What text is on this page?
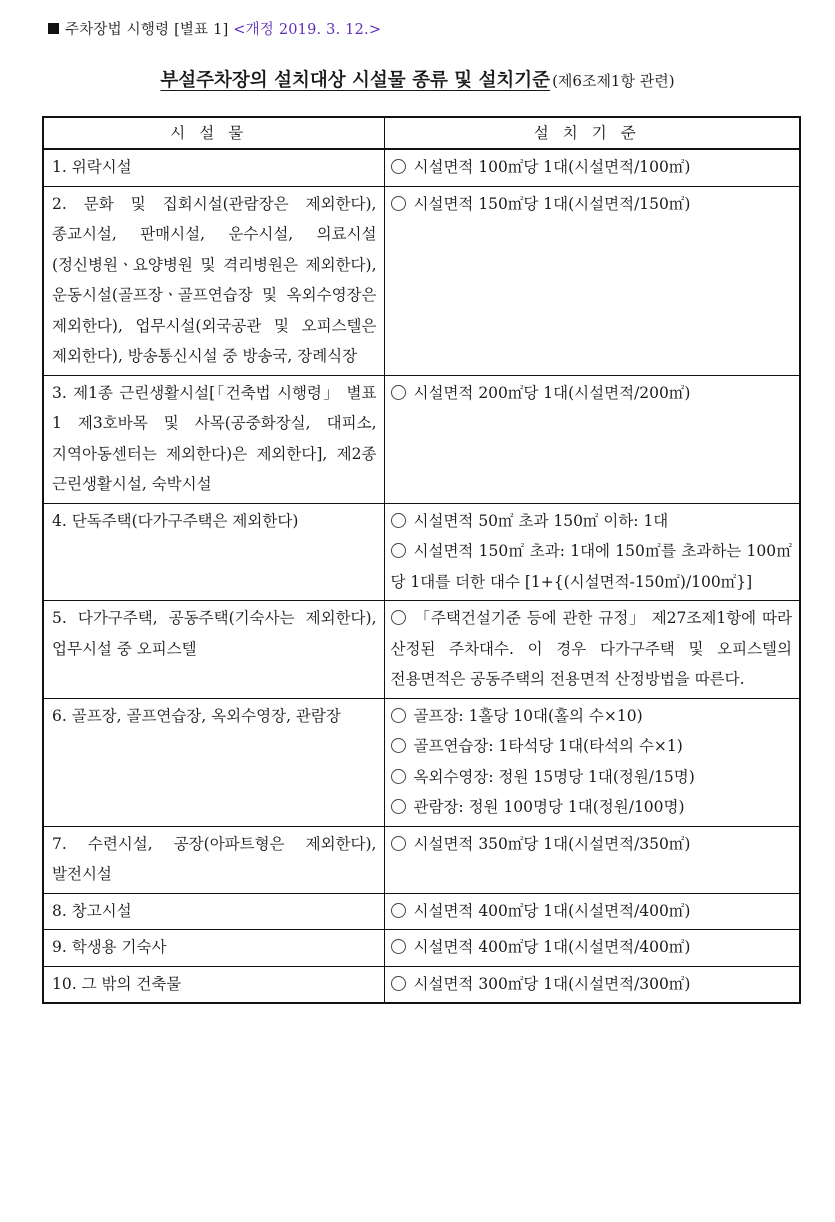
주차장법 시행령 [별표 1] <개정 2019. 3. 12.>
부설주차장의 설치대상 시설물 종류 및 설치기준 (제6조제1항 관련)
시설물	설치기준
1. 위락시설	시설면적 100㎡당 1대(시설면적/100㎡)

2. 문화 및 집회시설(관람장은 제외한다), 종교시설, 판매시설, 운수시설, 의료시설(정신병원ㆍ요양병원 및 격리병원은 제외한다), 운동시설(골프장ㆍ골프연습장 및 옥외수영장은 제외한다), 업무시설(외국공관 및 오피스텔은 제외한다), 방송통신시설 중 방송국, 장례식장	시설면적 150㎡당 1대(시설면적/150㎡)

3. 제1종 근린생활시설[「건축법 시행령」 별표 1 제3호바목 및 사목(공중화장실, 대피소, 지역아동센터는 제외한다)은 제외한다], 제2종 근린생활시설, 숙박시설	시설면적 200㎡당 1대(시설면적/200㎡)

4. 단독주택(다가구주택은 제외한다)	시설면적 50㎡ 초과 150㎡ 이하: 1대
시설면적 150㎡ 초과: 1대에 150㎡를 초과하는 100㎡당 1대를 더한 대수 [1+{(시설면적-150㎡)/100㎡}]

5. 다가구주택, 공동주택(기숙사는 제외한다), 업무시설 중 오피스텔	「주택건설기준 등에 관한 규정」 제27조제1항에 따라 산정된 주차대수. 이 경우 다가구주택 및 오피스텔의 전용면적은 공동주택의 전용면적 산정방법을 따른다.

6. 골프장, 골프연습장, 옥외수영장, 관람장	골프장: 1홀당 10대(홀의 수×10)
골프연습장: 1타석당 1대(타석의 수×1)
옥외수영장: 정원 15명당 1대(정원/15명)
관람장: 정원 100명당 1대(정원/100명)

7. 수련시설, 공장(아파트형은 제외한다), 발전시설	시설면적 350㎡당 1대(시설면적/350㎡)

8. 창고시설	시설면적 400㎡당 1대(시설면적/400㎡)

9. 학생용 기숙사	시설면적 400㎡당 1대(시설면적/400㎡)

10. 그 밖의 건축물	시설면적 300㎡당 1대(시설면적/300㎡)
